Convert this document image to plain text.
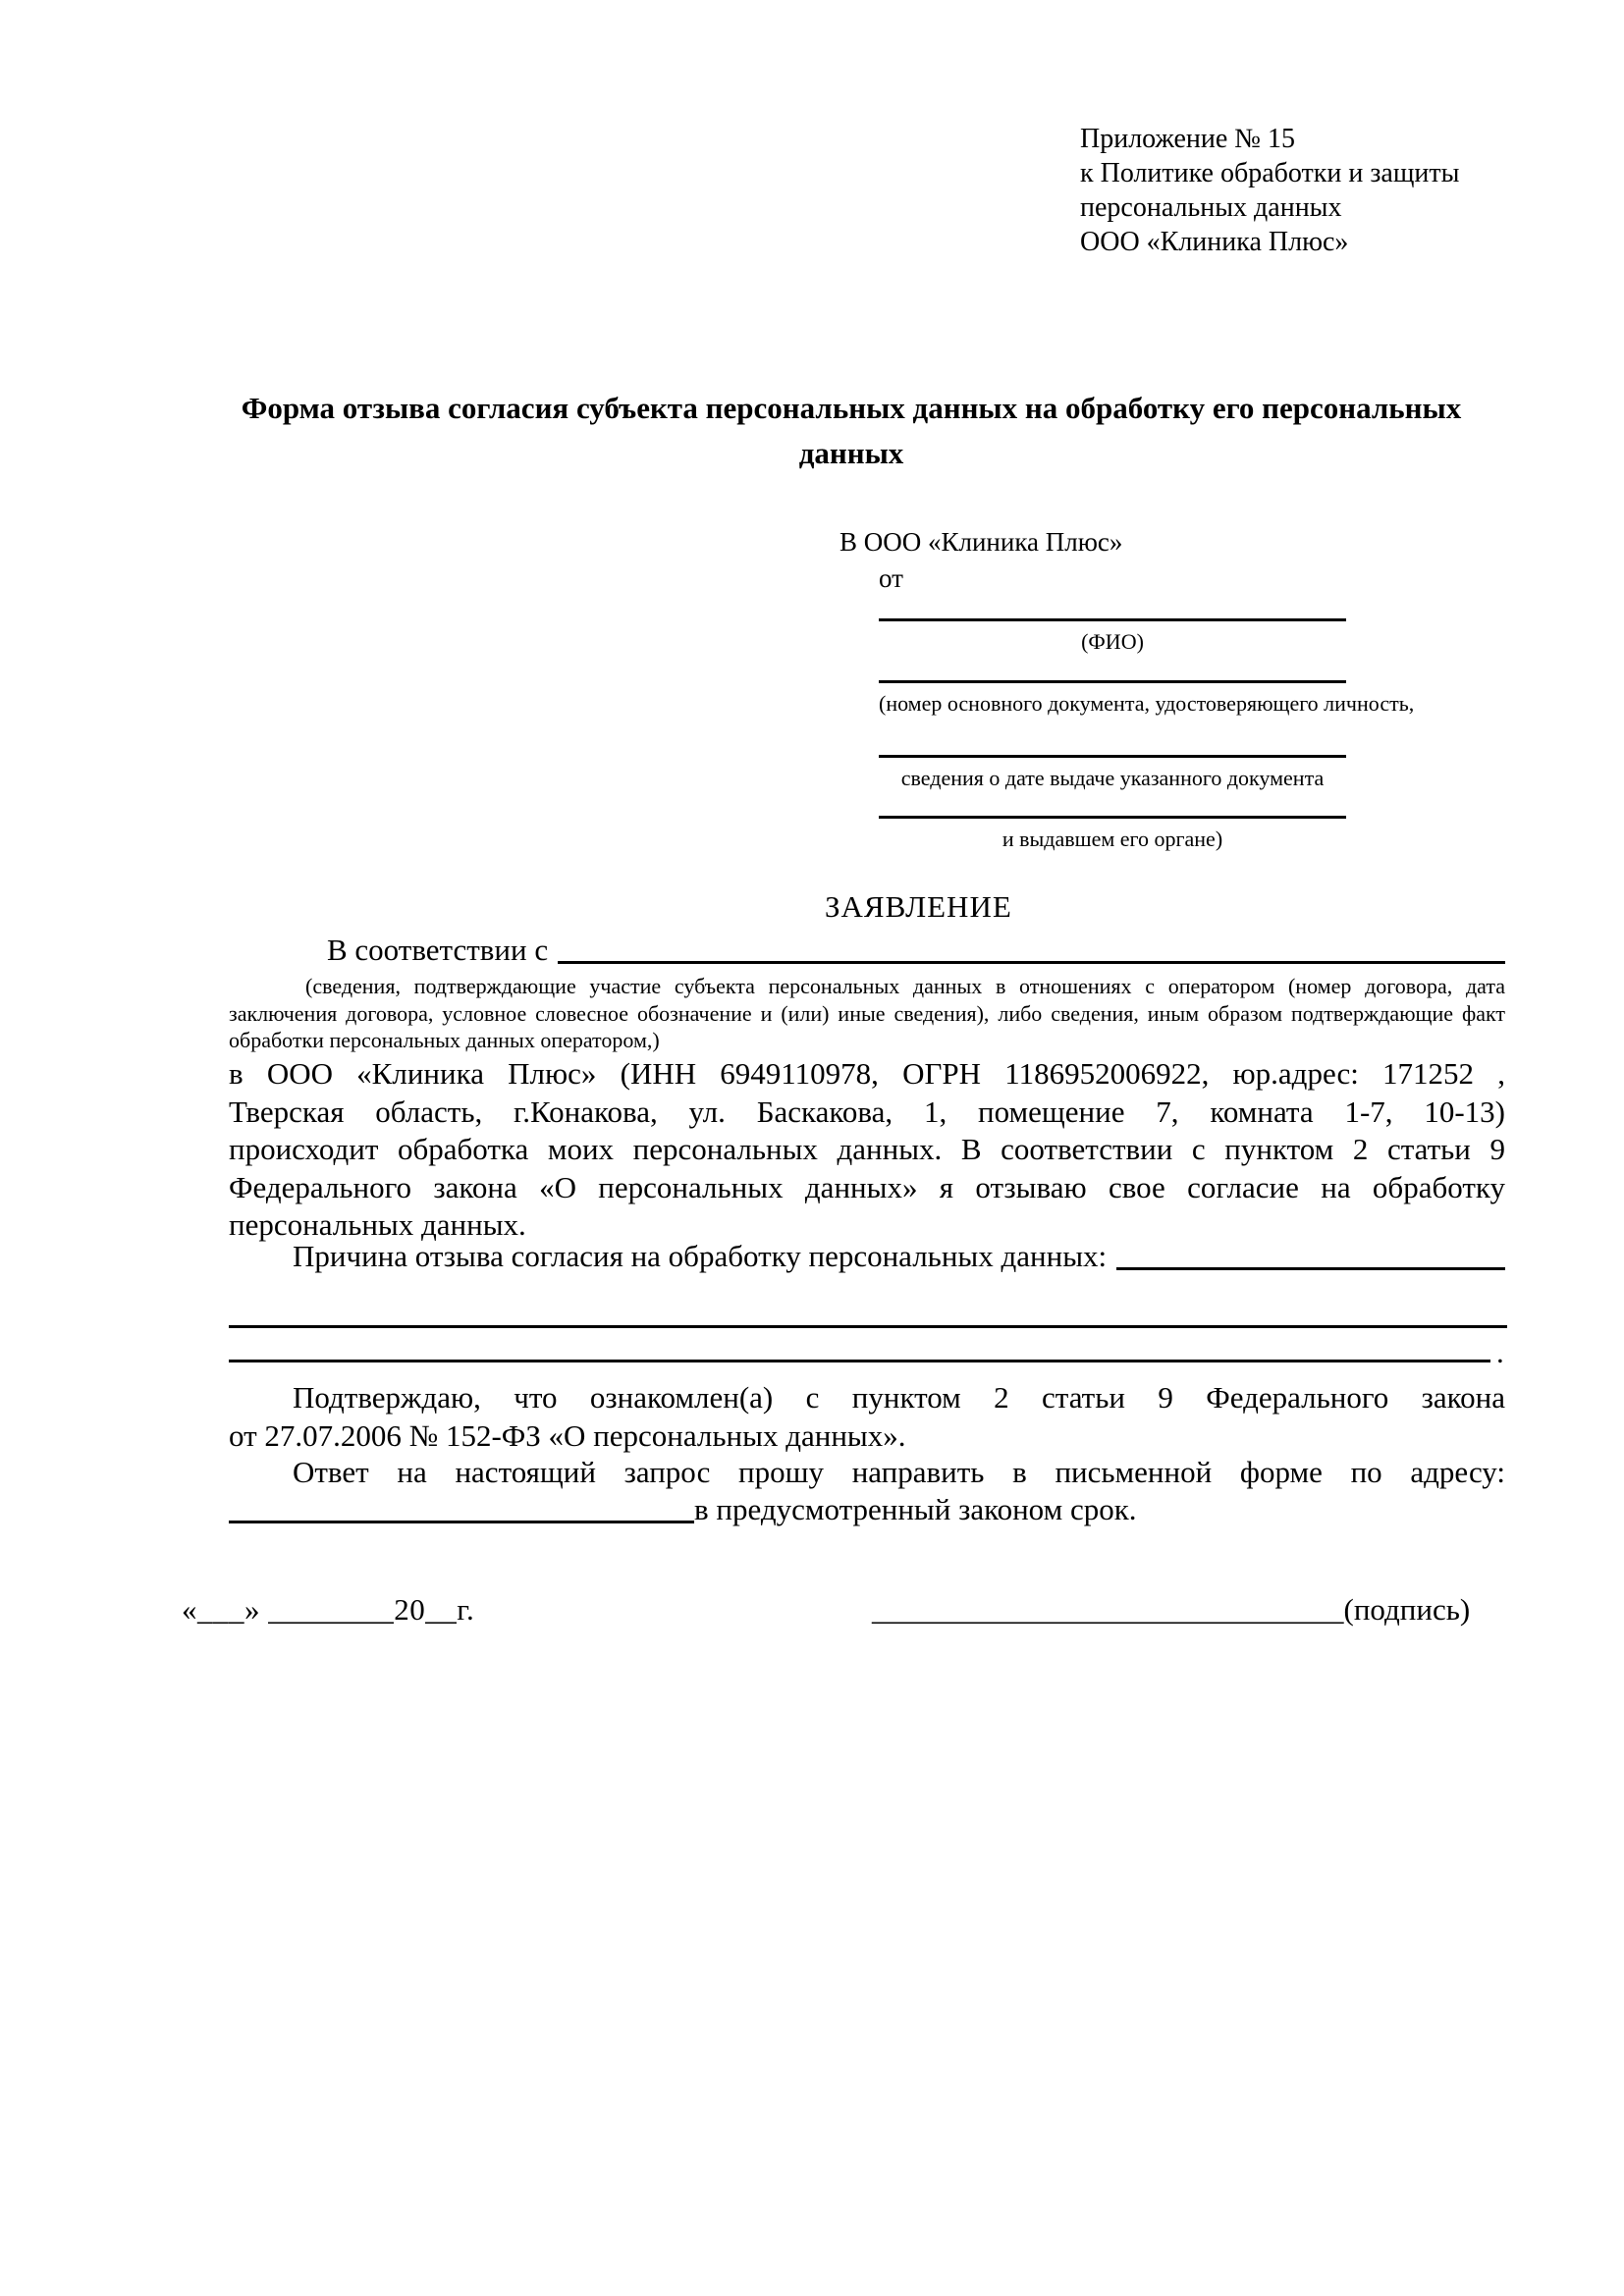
Приложение № 15
к Политике обработки и защиты
персональных данных
ООО «Клиника Плюс»
Форма отзыва согласия субъекта персональных данных на обработку его персональных данных
В ООО «Клиника Плюс»
от
(ФИО)
(номер основного документа, удостоверяющего личность,
сведения о дате выдаче указанного документа
и выдавшем его органе)
ЗАЯВЛЕНИЕ
В соответствии с
(сведения, подтверждающие участие субъекта персональных данных в отношениях с оператором (номер договора, дата
заключения договора, условное словесное обозначение и (или) иные сведения), либо сведения, иным образом подтверждающие факт
обработки персональных данных оператором,)
в ООО «Клиника Плюс» (ИНН 6949110978, ОГРН 1186952006922, юр.адрес: 171252 ,
Тверская область, г.Конакова, ул. Баскакова, 1, помещение 7, комната 1-7, 10-13)
происходит обработка моих персональных данных. В соответствии с пунктом 2 статьи 9
Федерального закона «О персональных данных» я отзываю свое согласие на обработку
персональных данных.
Причина отзыва согласия на обработку персональных данных:
.
Подтверждаю, что ознакомлен(а) с пунктом 2 статьи 9 Федерального закона
от 27.07.2006 № 152-ФЗ «О персональных данных».
Ответ на настоящий запрос прошу направить в письменной форме по адресу:
в предусмотренный законом срок.
«___» ________20__г.	_______________________________(подпись)
